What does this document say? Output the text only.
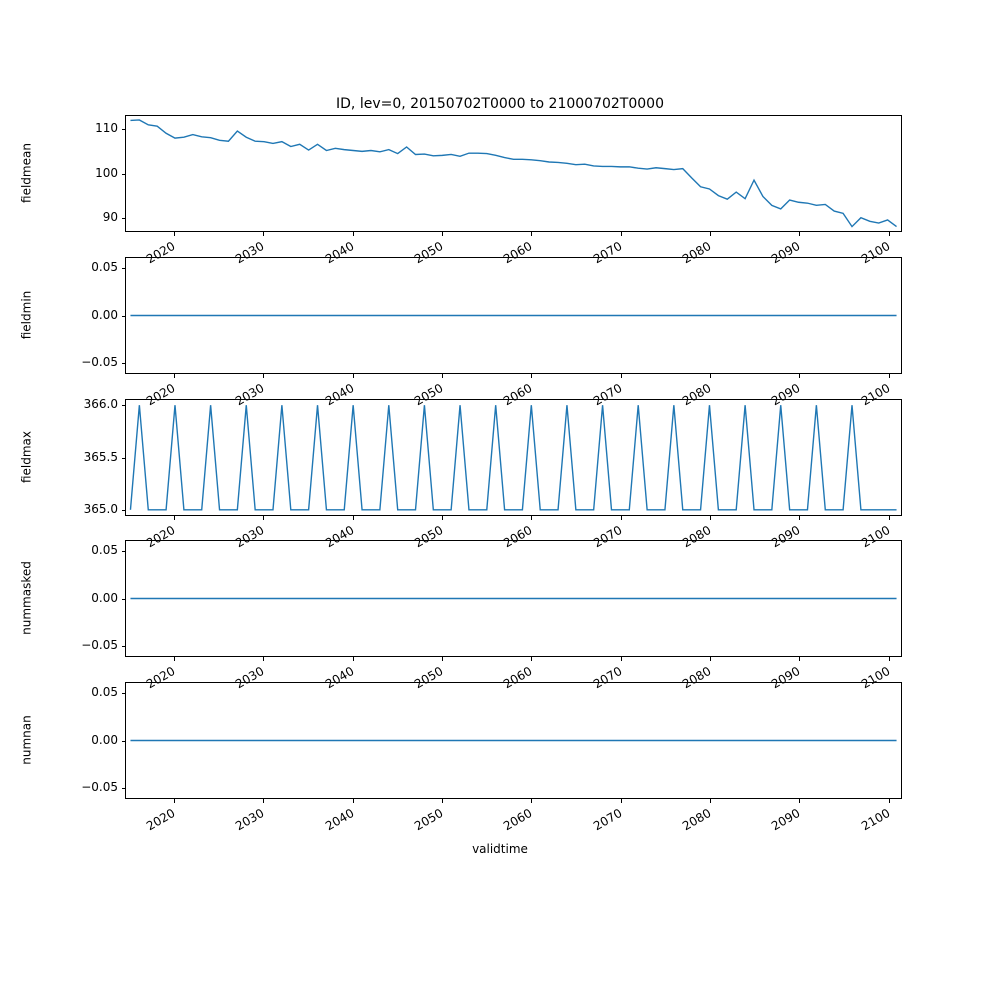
ID, lev=0, 20150702T0000 to 21000702T0000
validtime
90
100
110
fieldmean
2020	2030	2040	2050	2060	2070	2080	2090	2100
−0.05
0.00
0.05
fieldmin
2020	2030	2040	2050	2060	2070	2080	2090	2100
365.0
365.5
366.0
fieldmax
2020	2030	2040	2050	2060	2070	2080	2090	2100
−0.05
0.00
0.05
nummasked
2020	2030	2040	2050	2060	2070	2080	2090	2100
−0.05
0.00
0.05
numnan
2020	2030	2040	2050	2060	2070	2080	2090	2100
